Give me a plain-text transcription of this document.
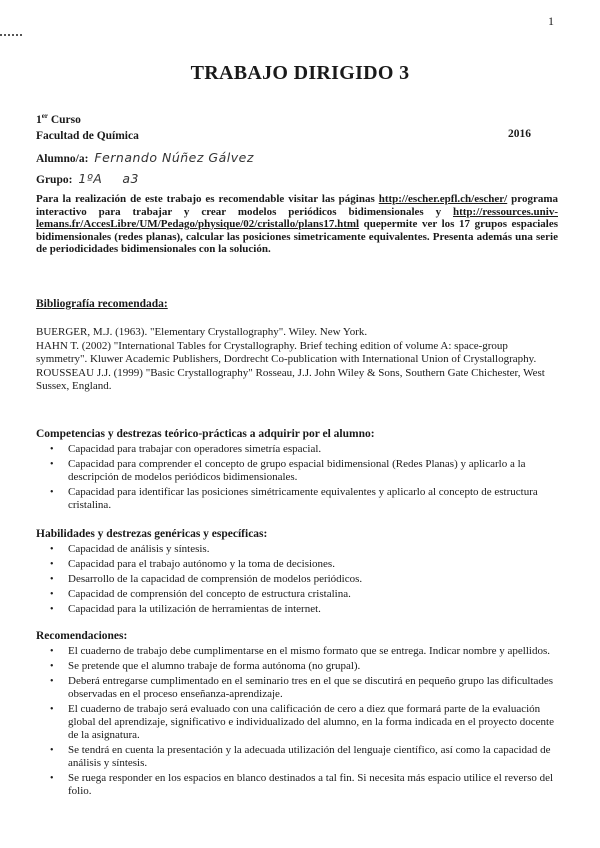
1
TRABAJO DIRIGIDO 3
1er Curso
Facultad de Química	2016
Alumno/a: Fernando Núñez Gálvez
Grupo: 1ºA a3
Para la realización de este trabajo es recomendable visitar las páginas http://escher.epfl.ch/escher/ programa interactivo para trabajar y crear modelos periódicos bidimensionales y http://ressources.univ-lemans.fr/AccesLibre/UM/Pedago/physique/02/cristallo/plans17.html quepermite ver los 17 grupos espaciales bidimensionales (redes planas), calcular las posiciones simetricamente equivalentes. Presenta además una serie de periodicidades bidimensionales con la solución.
Bibliografía recomendada:

BUERGER, M.J. (1963). "Elementary Crystallography". Wiley. New York.

HAHN T. (2002) "International Tables for Crystallography. Brief teching edition of volume A: space-group symmetry". Kluwer Academic Publishers, Dordrecht Co-publication with International Union of Crystallography.

ROUSSEAU J.J. (1999) "Basic Crystallography" Rosseau, J.J. John Wiley & Sons, Southern Gate Chichester, West Sussex, England.

Competencias y destrezas teórico-prácticas a adquirir por el alumno:
• Capacidad para trabajar con operadores simetría espacial.
• Capacidad para comprender el concepto de grupo espacial bidimensional (Redes Planas) y aplicarlo a la descripción de modelos periódicos bidimensionales.
• Capacidad para identificar las posiciones simétricamente equivalentes y aplicarlo al concepto de estructura cristalina.
Habilidades y destrezas genéricas y específicas:
• Capacidad de análisis y síntesis.
• Capacidad para el trabajo autónomo y la toma de decisiones.
• Desarrollo de la capacidad de comprensión de modelos periódicos.
• Capacidad de comprensión del concepto de estructura cristalina.
• Capacidad para la utilización de herramientas de internet.
Recomendaciones:
• El cuaderno de trabajo debe cumplimentarse en el mismo formato que se entrega. Indicar nombre y apellidos.
• Se pretende que el alumno trabaje de forma autónoma (no grupal).
• Deberá entregarse cumplimentado en el seminario tres en el que se discutirá en pequeño grupo las dificultades observadas en el proceso enseñanza-aprendizaje.
• El cuaderno de trabajo será evaluado con una calificación de cero a diez que formará parte de la evaluación global del aprendizaje, significativo e individualizado del alumno, en la forma indicada en el proyecto docente de la asignatura.
• Se tendrá en cuenta la presentación y la adecuada utilización del lenguaje científico, así como la capacidad de análisis y síntesis.
• Se ruega responder en los espacios en blanco destinados a tal fin. Si necesita más espacio utilice el reverso del folio.
